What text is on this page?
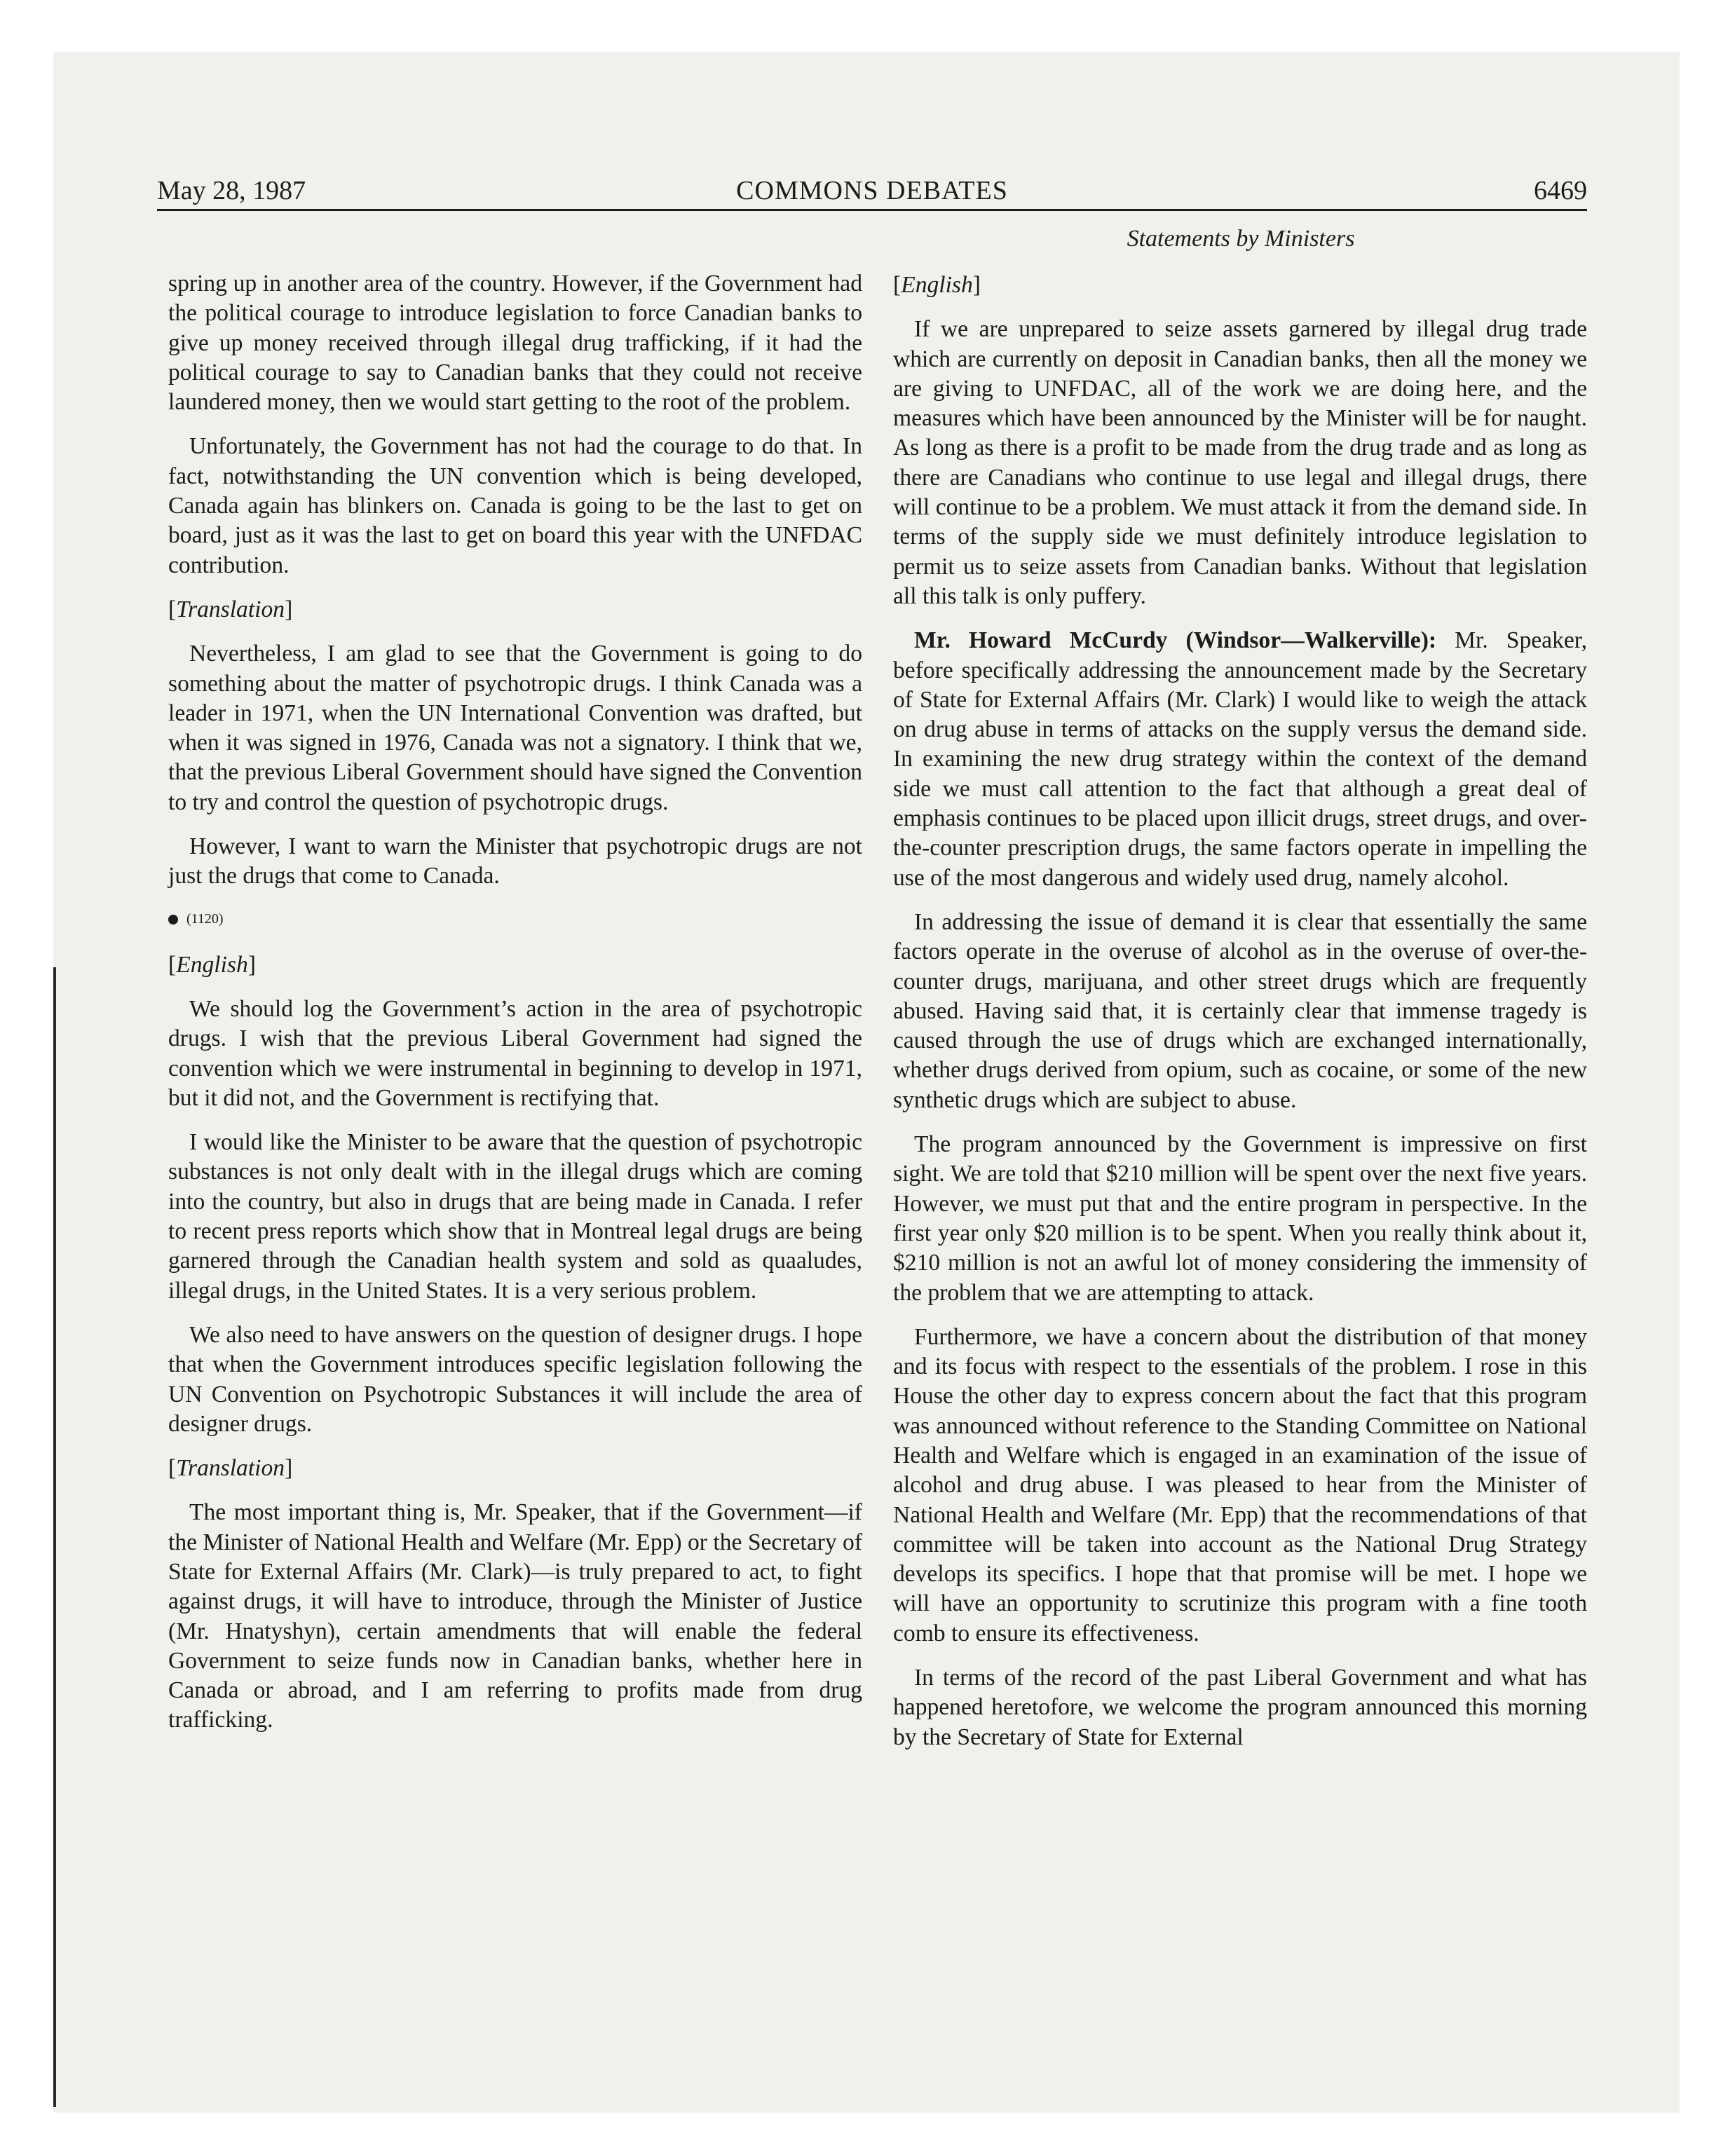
May 28, 1987	COMMONS DEBATES	6469
Statements by Ministers

spring up in another area of the country. However, if the Government had the political courage to introduce legislation to force Canadian banks to give up money received through illegal drug trafficking, if it had the political courage to say to Canadian banks that they could not receive laundered money, then we would start getting to the root of the problem.

Unfortunately, the Government has not had the courage to do that. In fact, notwithstanding the UN convention which is being developed, Canada again has blinkers on. Canada is going to be the last to get on board, just as it was the last to get on board this year with the UNFDAC contribution.

[Translation]

Nevertheless, I am glad to see that the Government is going to do something about the matter of psychotropic drugs. I think Canada was a leader in 1971, when the UN International Convention was drafted, but when it was signed in 1976, Canada was not a signatory. I think that we, that the previous Liberal Government should have signed the Convention to try and control the question of psychotropic drugs.

However, I want to warn the Minister that psychotropic drugs are not just the drugs that come to Canada.

(1120)

[English]

We should log the Government’s action in the area of psychotropic drugs. I wish that the previous Liberal Government had signed the convention which we were instrumental in beginning to develop in 1971, but it did not, and the Government is rectifying that.

I would like the Minister to be aware that the question of psychotropic substances is not only dealt with in the illegal drugs which are coming into the country, but also in drugs that are being made in Canada. I refer to recent press reports which show that in Montreal legal drugs are being garnered through the Canadian health system and sold as quaaludes, illegal drugs, in the United States. It is a very serious problem.

We also need to have answers on the question of designer drugs. I hope that when the Government introduces specific legislation following the UN Convention on Psychotropic Substances it will include the area of designer drugs.

[Translation]

The most important thing is, Mr. Speaker, that if the Government—if the Minister of National Health and Welfare (Mr. Epp) or the Secretary of State for External Affairs (Mr. Clark)—is truly prepared to act, to fight against drugs, it will have to introduce, through the Minister of Justice (Mr. Hnatyshyn), certain amendments that will enable the federal Government to seize funds now in Canadian banks, whether here in Canada or abroad, and I am referring to profits made from drug trafficking.

[English]

If we are unprepared to seize assets garnered by illegal drug trade which are currently on deposit in Canadian banks, then all the money we are giving to UNFDAC, all of the work we are doing here, and the measures which have been announced by the Minister will be for naught. As long as there is a profit to be made from the drug trade and as long as there are Canadians who continue to use legal and illegal drugs, there will continue to be a problem. We must attack it from the demand side. In terms of the supply side we must definitely introduce legislation to permit us to seize assets from Canadian banks. Without that legislation all this talk is only puffery.

Mr. Howard McCurdy (Windsor—Walkerville): Mr. Speaker, before specifically addressing the announcement made by the Secretary of State for External Affairs (Mr. Clark) I would like to weigh the attack on drug abuse in terms of attacks on the supply versus the demand side. In examining the new drug strategy within the context of the demand side we must call attention to the fact that although a great deal of emphasis continues to be placed upon illicit drugs, street drugs, and over-the-counter prescription drugs, the same factors operate in impelling the use of the most dangerous and widely used drug, namely alcohol.

In addressing the issue of demand it is clear that essentially the same factors operate in the overuse of alcohol as in the overuse of over-the-counter drugs, marijuana, and other street drugs which are frequently abused. Having said that, it is certainly clear that immense tragedy is caused through the use of drugs which are exchanged internationally, whether drugs derived from opium, such as cocaine, or some of the new synthetic drugs which are subject to abuse.

The program announced by the Government is impressive on first sight. We are told that $210 million will be spent over the next five years. However, we must put that and the entire program in perspective. In the first year only $20 million is to be spent. When you really think about it, $210 million is not an awful lot of money considering the immensity of the problem that we are attempting to attack.

Furthermore, we have a concern about the distribution of that money and its focus with respect to the essentials of the problem. I rose in this House the other day to express concern about the fact that this program was announced without reference to the Standing Committee on National Health and Welfare which is engaged in an examination of the issue of alcohol and drug abuse. I was pleased to hear from the Minister of National Health and Welfare (Mr. Epp) that the recommendations of that committee will be taken into account as the National Drug Strategy develops its specifics. I hope that that promise will be met. I hope we will have an opportunity to scrutinize this program with a fine tooth comb to ensure its effectiveness.

In terms of the record of the past Liberal Government and what has happened heretofore, we welcome the program announced this morning by the Secretary of State for External
